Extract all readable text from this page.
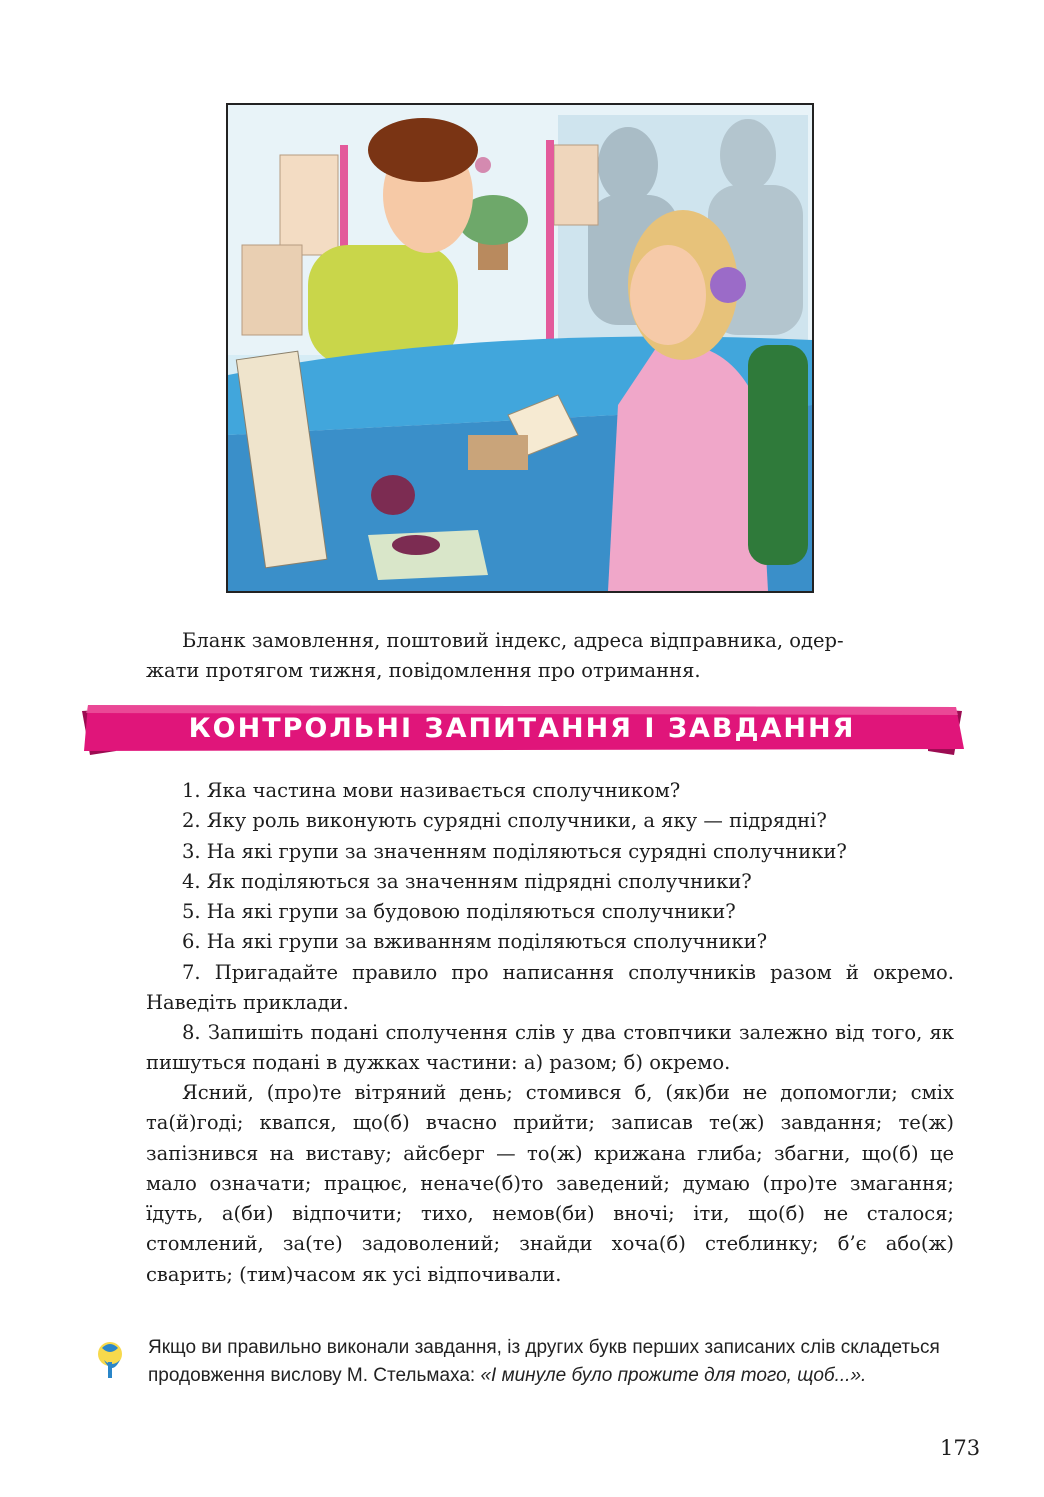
Бланк замовлення, поштовий індекс, адреса відправника, одер-
жати протягом тижня, повідомлення про отримання.
КОНТРОЛЬНІ ЗАПИТАННЯ І ЗАВДАННЯ
1. Яка частина мови називається сполучником?
2. Яку роль виконують сурядні сполучники, а яку — підрядні?
3. На які групи за значенням поділяються сурядні сполучники?
4. Як поділяються за значенням підрядні сполучники?
5. На які групи за будовою поділяються сполучники?
6. На які групи за вживанням поділяються сполучники?
7. Пригадайте правило про написання сполучників разом й окремо. Наведіть приклади.
8. Запишіть подані сполучення слів у два стовпчики залежно від того, як пишуться подані в дужках частини: а) разом; б) окремо.
Ясний, (про)те вітряний день; стомився б, (як)би не допомогли; сміх та(й)годі; квапся, що(б) вчасно прийти; записав те(ж) завдання; те(ж) запізнився на виставу; айсберг — то(ж) крижана глиба; збагни, що(б) це мало означати; працює, неначе(б)то заведений; думаю (про)те змагання; їдуть, а(би) відпочити; тихо, немов(би) вночі; іти, що(б) не сталося; стомлений, за(те) задоволений; знайди хоча(б) стеблинку; б’є або(ж) сварить; (тим)часом як усі відпочивали.
Якщо ви правильно виконали завдання, із других букв перших записаних слів складеться продовження вислову М. Стельмаха: «І минуле було прожите для того, щоб...».
173
